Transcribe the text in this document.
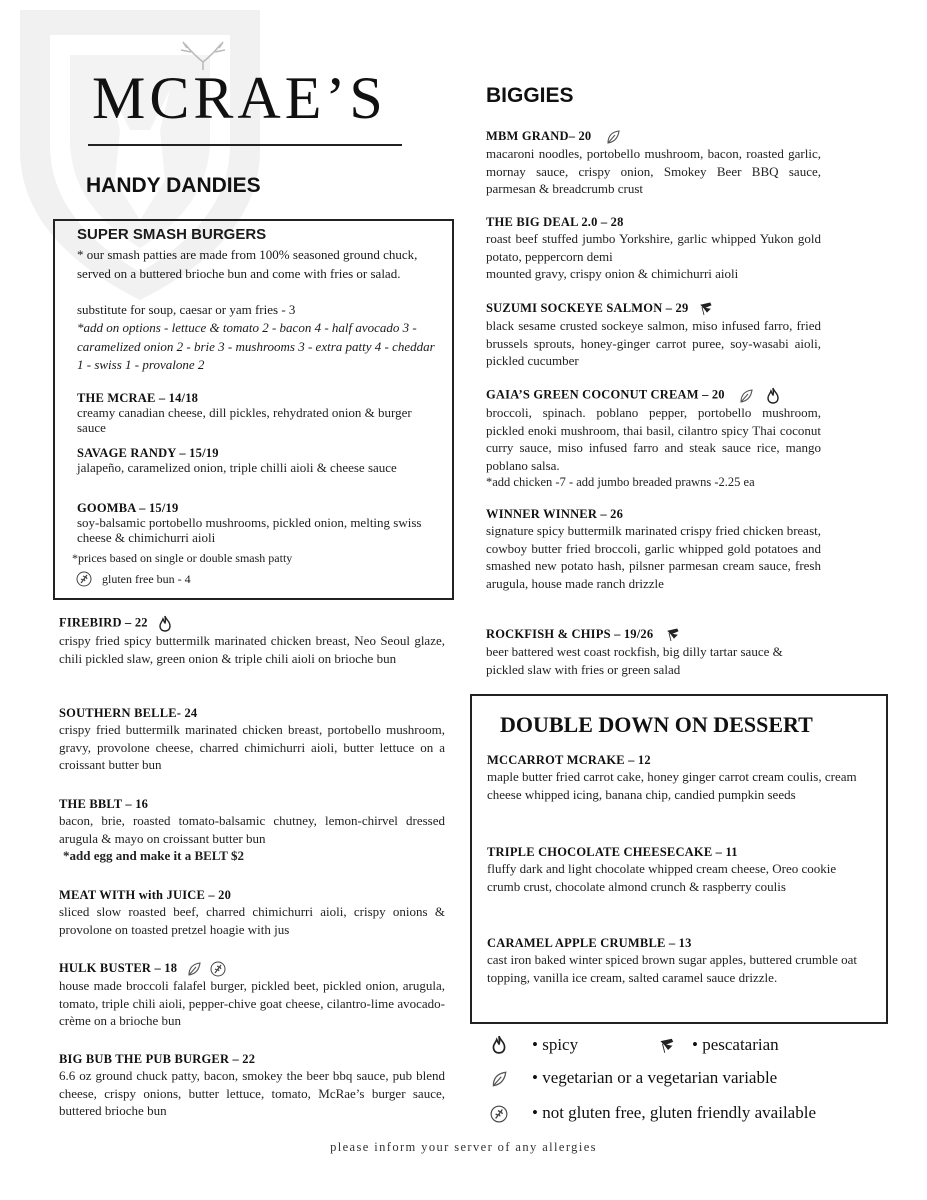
MCRAE’S
HANDY DANDIES
SUPER SMASH BURGERS
* our smash patties are made from 100% seasoned ground chuck, served on a buttered brioche bun and come with fries or salad.
substitute for soup, caesar or yam fries - 3
*add on options - lettuce & tomato 2 - bacon 4 - half avocado 3 - caramelized onion 2 - brie 3 - mushrooms 3 - extra patty 4 - cheddar 1 - swiss 1 - provalone 2
THE MCRAE – 14/18
creamy canadian cheese, dill pickles, rehydrated onion & burger sauce
SAVAGE RANDY – 15/19
jalapeño, caramelized onion, triple chilli aioli & cheese sauce
GOOMBA – 15/19
soy-balsamic portobello mushrooms, pickled onion, melting swiss cheese & chimichurri aioli
*prices based on single or double smash patty
gluten free bun - 4
FIREBIRD – 22
crispy fried spicy buttermilk marinated chicken breast, Neo Seoul glaze, chili pickled slaw, green onion & triple chili aioli on brioche bun
SOUTHERN BELLE- 24
crispy fried buttermilk marinated chicken breast, portobello mushroom, gravy, provolone cheese, charred chimichurri aioli, butter lettuce on a croissant butter bun
THE BBLT – 16
bacon, brie, roasted tomato-balsamic chutney, lemon-chirvel dressed arugula & mayo on croissant butter bun
*add egg and make it a BELT $2
MEAT WITH with JUICE – 20
sliced slow roasted beef, charred chimichurri aioli, crispy onions & provolone on toasted pretzel hoagie with jus
HULK BUSTER – 18
house made broccoli falafel burger, pickled beet, pickled onion, arugula, tomato, triple chili aioli, pepper-chive goat cheese, cilantro-lime avocado-crème on a brioche bun
BIG BUB THE PUB BURGER – 22
6.6 oz ground chuck patty, bacon, smokey the beer bbq sauce, pub blend cheese, crispy onions, butter lettuce, tomato, McRae’s burger sauce, buttered brioche bun
BIGGIES
MBM GRAND– 20
macaroni noodles, portobello mushroom, bacon, roasted garlic, mornay sauce, crispy onion, Smokey Beer BBQ sauce, parmesan & breadcrumb crust
THE BIG DEAL 2.0 – 28
roast beef stuffed jumbo Yorkshire, garlic whipped Yukon gold potato, peppercorn demi
mounted gravy, crispy onion & chimichurri aioli
SUZUMI SOCKEYE SALMON – 29
black sesame crusted sockeye salmon, miso infused farro, fried brussels sprouts, honey-ginger carrot puree, soy-wasabi aioli, pickled cucumber
GAIA’S GREEN COCONUT CREAM – 20
broccoli, spinach. poblano pepper, portobello mushroom, pickled enoki mushroom, thai basil, cilantro spicy Thai coconut curry sauce, miso infused farro and steak sauce rice, mango poblano salsa.
*add chicken -7 - add jumbo breaded prawns -2.25 ea
WINNER WINNER – 26
signature spicy buttermilk marinated crispy fried chicken breast, cowboy butter fried broccoli, garlic whipped gold potatoes and smashed new potato hash, pilsner parmesan cream sauce, fresh arugula, house made ranch drizzle
ROCKFISH & CHIPS – 19/26
beer battered west coast rockfish, big dilly tartar sauce & pickled slaw with fries or green salad
DOUBLE DOWN ON DESSERT
MCCARROT MCRAKE – 12
maple butter fried carrot cake, honey ginger carrot cream coulis, cream cheese whipped icing, banana chip, candied pumpkin seeds
TRIPLE CHOCOLATE CHEESECAKE – 11
fluffy dark and light chocolate whipped cream cheese, Oreo cookie crumb crust, chocolate almond crunch & raspberry coulis
CARAMEL APPLE CRUMBLE – 13
cast iron baked winter spiced brown sugar apples, buttered crumble oat topping, vanilla ice cream, salted caramel sauce drizzle.
• spicy	• pescatarian
• vegetarian or a vegetarian variable
• not gluten free, gluten friendly available
please inform your server of any allergies
